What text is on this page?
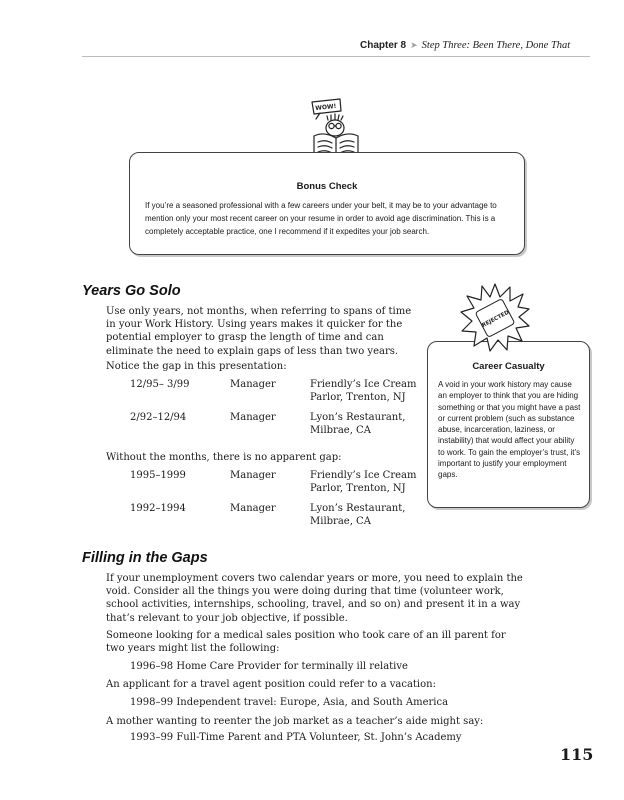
Chapter 8 ➤ Step Three: Been There, Done That
WOW!
Bonus Check
If you’re a seasoned professional with a few careers under your belt, it may be to your advantage to mention only your most recent career on your resume in order to avoid age discrimination. This is a completely acceptable practice, one I recommend if it expedites your job search.
Years Go Solo
Use only years, not months, when referring to spans of time in your Work History. Using years makes it quicker for the potential employer to grasp the length of time and can eliminate the need to explain gaps of less than two years.
Notice the gap in this presentation:
12/95– 3/99	Manager	Friendly’s Ice Cream Parlor, Trenton, NJ
2/92–12/94	Manager	Lyon’s Restaurant, Milbrae, CA
Without the months, there is no apparent gap:
1995–1999	Manager	Friendly’s Ice Cream Parlor, Trenton, NJ
1992–1994	Manager	Lyon’s Restaurant, Milbrae, CA
Career Casualty
A void in your work history may cause an employer to think that you are hiding something or that you might have a past or current problem (such as substance abuse, incarceration, laziness, or instability) that would affect your ability to work. To gain the employer’s trust, it’s important to justify your employment gaps.
REJECTED
Filling in the Gaps
If your unemployment covers two calendar years or more, you need to explain the void. Consider all the things you were doing during that time (volunteer work, school activities, internships, schooling, travel, and so on) and present it in a way that’s relevant to your job objective, if possible.
Someone looking for a medical sales position who took care of an ill parent for two years might list the following:
1996–98 Home Care Provider for terminally ill relative
An applicant for a travel agent position could refer to a vacation:
1998–99 Independent travel: Europe, Asia, and South America
A mother wanting to reenter the job market as a teacher’s aide might say:
1993–99 Full-Time Parent and PTA Volunteer, St. John’s Academy
115
